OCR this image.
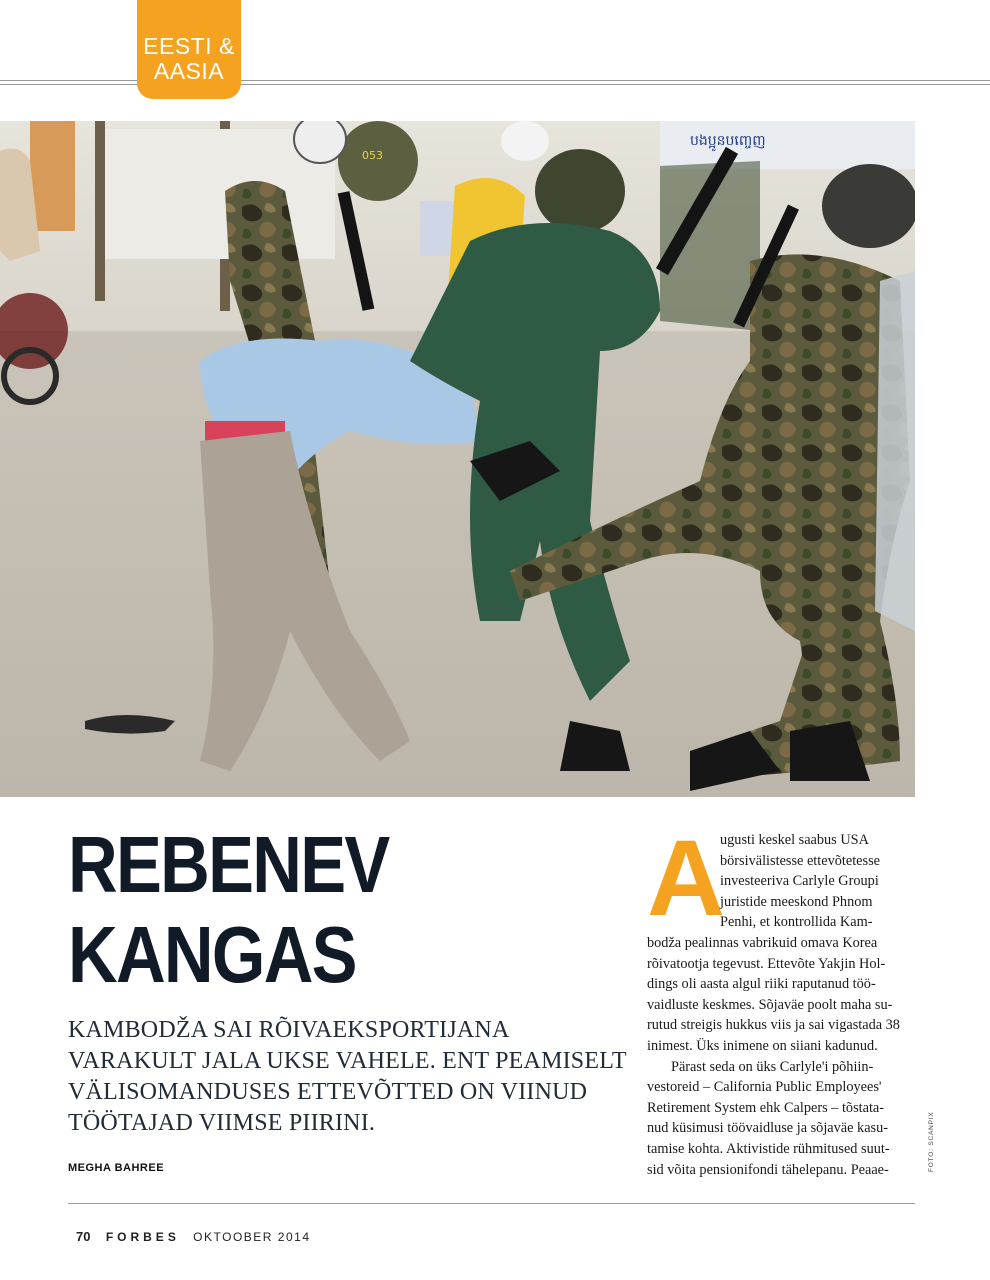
EESTI &
AASIA
បងប្អូនបញ្ចេញ
053
REBENEV
KANGAS
KAMBODŽA SAI RÕIVAEKSPORTIJANA
VARAKULT JALA UKSE VAHELE. ENT PEAMISELT
VÄLISOMANDUSES ETTEVÕTTED ON VIINUD
TÖÖTAJAD VIIMSE PIIRINI.
MEGHA BAHREE
A
ugusti keskel saabus USA
börsivälistesse ettevõtetesse
investeeriva Carlyle Groupi
juristide meeskond Phnom
Penhi, et kontrollida Kam-
bodža pealinnas vabrikuid omava Korea
rõivatootja tegevust. Ettevõte Yakjin Hol-
dings oli aasta algul riiki raputanud töö-
vaidluste keskmes. Sõjaväe poolt maha su-
rutud streigis hukkus viis ja sai vigastada 38
inimest. Üks inimene on siiani kadunud.
Pärast seda on üks Carlyle'i põhiin-
vestoreid – California Public Employees'
Retirement System ehk Calpers – tõstata-
nud küsimusi töövaidluse ja sõjaväe kasu-
tamise kohta. Aktivistide rühmitused suut-
sid võita pensionifondi tähelepanu. Peaae-	FOTO: SCANPIX
70 FORBES OKTOOBER 2014
